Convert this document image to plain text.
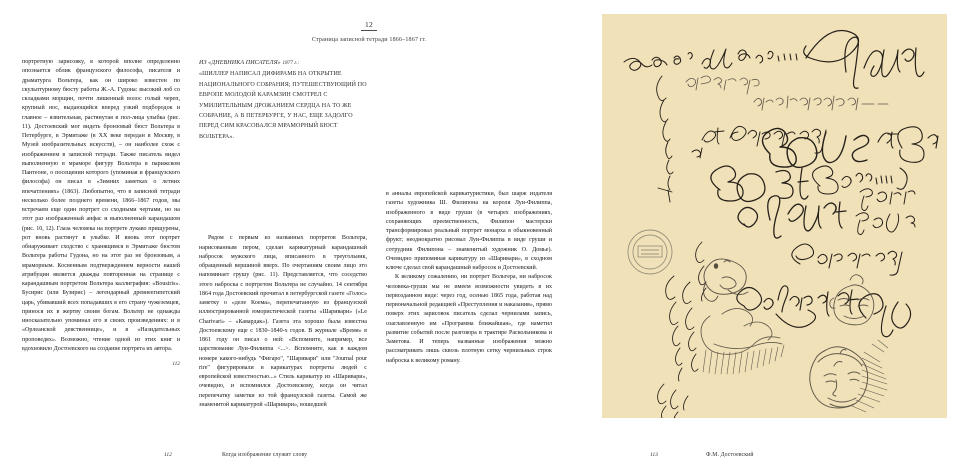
12
Страница записной тетради 1866–1867 гг.
портретную зарисовку, в которой вполне определенно опознается облик французского философа, писателя и драматурга Вольтера, как он широко известен по скульптурному бюсту работы Ж.-А. Гудона: высокий лоб со складками морщин, почти лишенный волос голый череп, крупный нос, выдающийся вперед узкий подбородок и главное – язвительная, растянутая в пол-лица улыбка (рис. 11). Достоевский мог видеть бронзовый бюст Вольтера в Петербурге, в Эрмитаже (в XX веке передан в Москву, в Музей изобразительных искусств), – он наиболее схож с изображением в записной тетради. Также писатель видел выполненную в мраморе фигуру Вольтера в парижском Пантеоне, о посещении которого (упоминая и французского философа) он писал в «Зимних заметках о летних впечатлениях» (1863). Любопытно, что в записной тетради несколько более позднего времени, 1866–1867 годов, мы встречаем еще один портрет со сходными чертами, но на этот раз изображенный анфас и выполненный карандашом (рис. 10, 12). Глаза человека на портрете лукаво прищурены, рот вновь растянут в улыбке. И вновь этот портрет обнаруживает сходство с хранящимся в Эрмитаже бюстом Вольтера работы Гудона, но на этот раз не бронзовым, а мраморным. Косвенным подтверждением верности нашей атрибуции является дважды повторенная на странице с карандашным портретом Вольтера каллиграфия: «Bousiris». Бусирис (или Бузирис) – легендарный древнеегипетский царь, убивавший всех попадавших в его страну чужеземцев, принося их в жертву своим богам. Вольтер не однажды иносказательно упоминал его в своих произведениях: и в «Орлеанской девственнице», и в «Назидательных проповедях». Возможно, чтение одной из этих книг и вдохновило Достоевского на создание портрета их автора.
112
ИЗ «ДНЕВНИКА ПИСАТЕЛЯ» 1877 г.:
«ШИЛЛЕР НАПИСАЛ ДИФИРАМБ НА ОТКРЫТИЕ НАЦИОНАЛЬНОГО СОБРАНИЯ; ПУТЕШЕСТВУЮЩИЙ ПО ЕВРОПЕ МОЛОДОЙ КАРАМЗИН СМОТРЕЛ С УМИЛИТЕЛЬНЫМ ДРОЖАНИЕМ СЕРДЦА НА ТО ЖЕ СОБРАНИЕ, А В ПЕТЕРБУРГЕ, У НАС, ЕЩЕ ЗАДОЛГО ПЕРЕД СИМ КРАСОВАЛСЯ МРАМОРНЫЙ БЮСТ ВОЛЬТЕРА».

Рядом с первым из названных портретов Вольтера, нарисованным пером, сделан карикатурный карандашный набросок мужского лица, вписанного в треугольник, обращенный вершиной вверх. По очертаниям своим лицо это напоминает грушу (рис. 11). Представляется, что соседство этого наброска с портретом Вольтера не случайно. 14 сентября 1864 года Достоевский прочитал в петербургской газете «Голос» заметку о «деле Коема», перепечатанную из французской иллюстрированной юмористической газеты «Шаривари» («Le Charivari» – «Кавардак»). Газета эта хорошо была известна Достоевскому еще с 1830–1840-х годов. В журнале «Время» в 1861 году он писал о ней: «Вспомните, например, все царствование Луи-Филиппа <...>. Вспомните, как в каждом номере какого-нибудь "Фигаро", "Шаривари" или "Journal pour rire" фигурировали в карикатурах портреты людей с европейской известностью...» Стиль карикатур из «Шаривари», очевидно, и вспомнился Достоевскому, когда он читал перепечатку заметки из той французской газеты. Самой же знаменитой карикатурой «Шаривари», вошедшей

в анналы европейской карикатуристики, был шарж издателя газеты художника Ш. Филипона на короля Луи-Филиппа, изображенного в виде груши (в четырех изображениях, сохраняющих преемственность, Филипон мастерски трансформировал реальный портрет монарха в обыкновенный фрукт; неоднократно рисовал Луи-Филиппа в виде груши и сотрудник Филипона – знаменитый художник О. Домье). Очевидно припоминая карикатуру из «Шаривари», в сходном ключе сделал свой карандашный набросок и Достоевский.

К великому сожалению, ни портрет Вольтера, ни набросок человека-груши мы не имеем возможности увидеть в их первозданном виде: через год, осенью 1865 года, работая над первоначальной редакцией «Преступления и наказания», прямо поверх этих зарисовок писатель сделал чернилами запись, озаглавленную им «Программа ближайшая», где наметил развитие событий после разговора в трактире Раскольникова и Заметова. И теперь названные изображения можно рассматривать лишь сквозь плотную сетку чернильных строк наброска к великому роману.

112	Когда изображение служит слову	113	Ф.М. Достоевский
